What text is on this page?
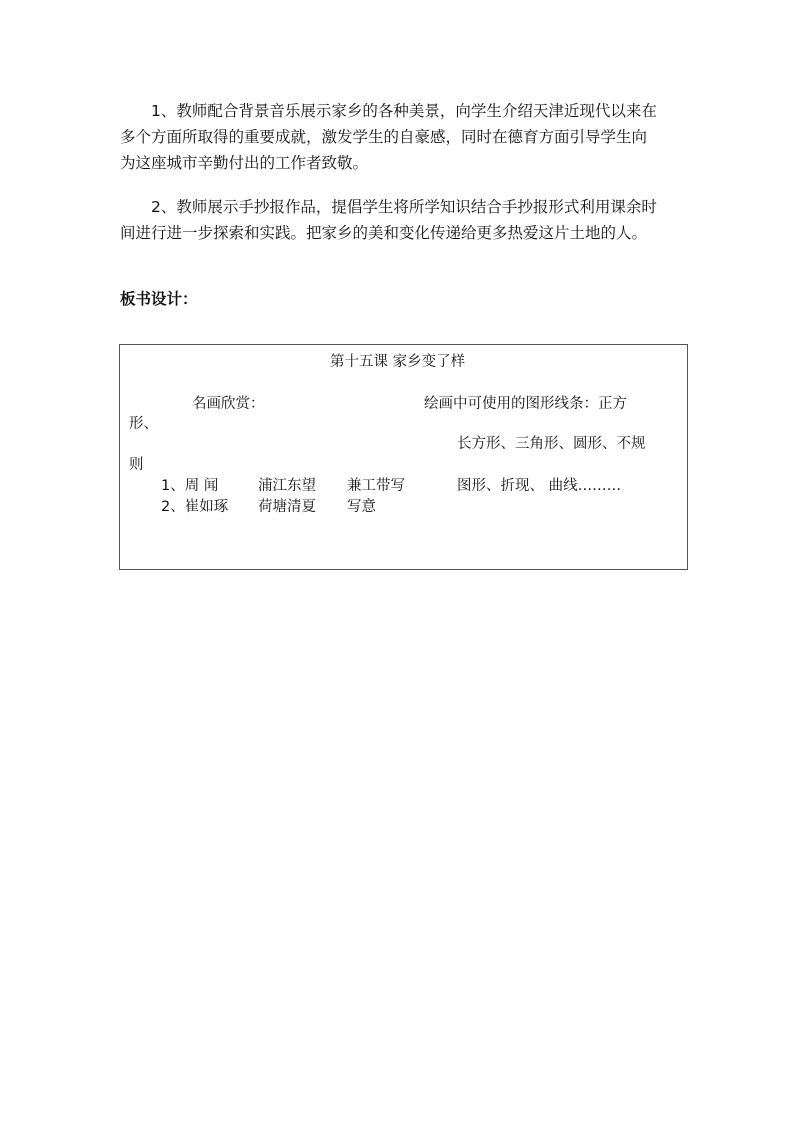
1、教师配合背景音乐展示家乡的各种美景，向学生介绍天津近现代以来在
多个方面所取得的重要成就，激发学生的自豪感，同时在德育方面引导学生向
为这座城市辛勤付出的工作者致敬。
2、教师展示手抄报作品，提倡学生将所学知识结合手抄报形式利用课余时
间进行进一步探索和实践。把家乡的美和变化传递给更多热爱这片土地的人。
板书设计：
第十五课 家乡变了样
名画欣赏：	绘画中可使用的图形线条：正方
形、
长方形、三角形、圆形、不规
则
1、周 闻	浦江东望 兼工带写	图形、折现、 曲线………
2、崔如琢 荷塘清夏 写意
